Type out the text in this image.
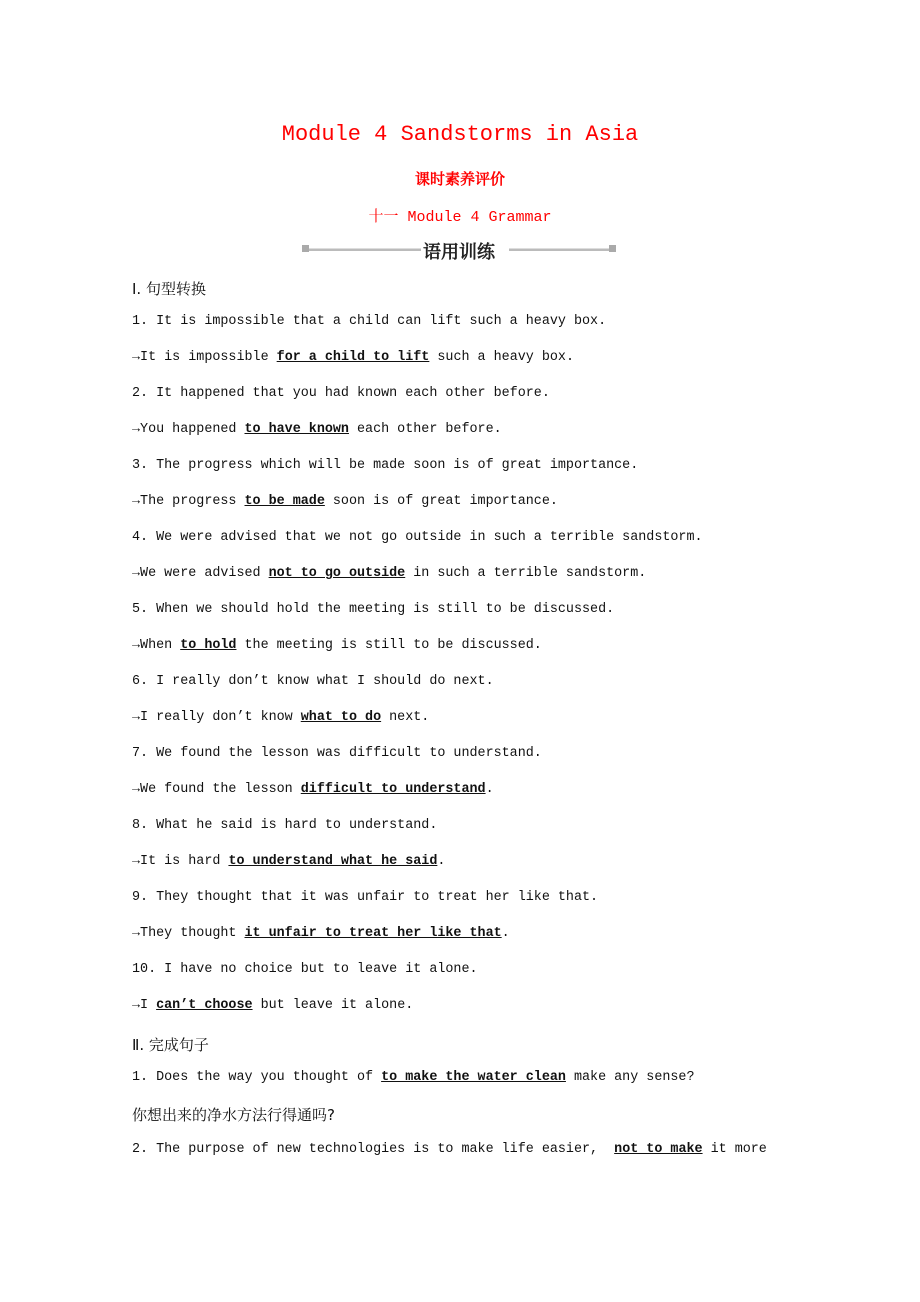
Module 4 Sandstorms in Asia
课时素养评价
十一 Module 4 Grammar
语用训练
Ⅰ. 句型转换
1. It is impossible that a child can lift such a heavy box.
→It is impossible for a child to lift such a heavy box.
2. It happened that you had known each other before.
→You happened to have known each other before.
3. The progress which will be made soon is of great importance.
→The progress to be made soon is of great importance.
4. We were advised that we not go outside in such a terrible sandstorm.
→We were advised not to go outside in such a terrible sandstorm.
5. When we should hold the meeting is still to be discussed.
→When to hold the meeting is still to be discussed.
6. I really don’t know what I should do next.
→I really don’t know what to do next.
7. We found the lesson was difficult to understand.
→We found the lesson difficult to understand.
8. What he said is hard to understand.
→It is hard to understand what he said.
9. They thought that it was unfair to treat her like that.
→They thought it unfair to treat her like that.
10. I have no choice but to leave it alone.
→I can’t choose but leave it alone.
Ⅱ. 完成句子
1. Does the way you thought of to make the water clean make any sense?
你想出来的净水方法行得通吗?
2. The purpose of new technologies is to make life easier,  not to make it more
